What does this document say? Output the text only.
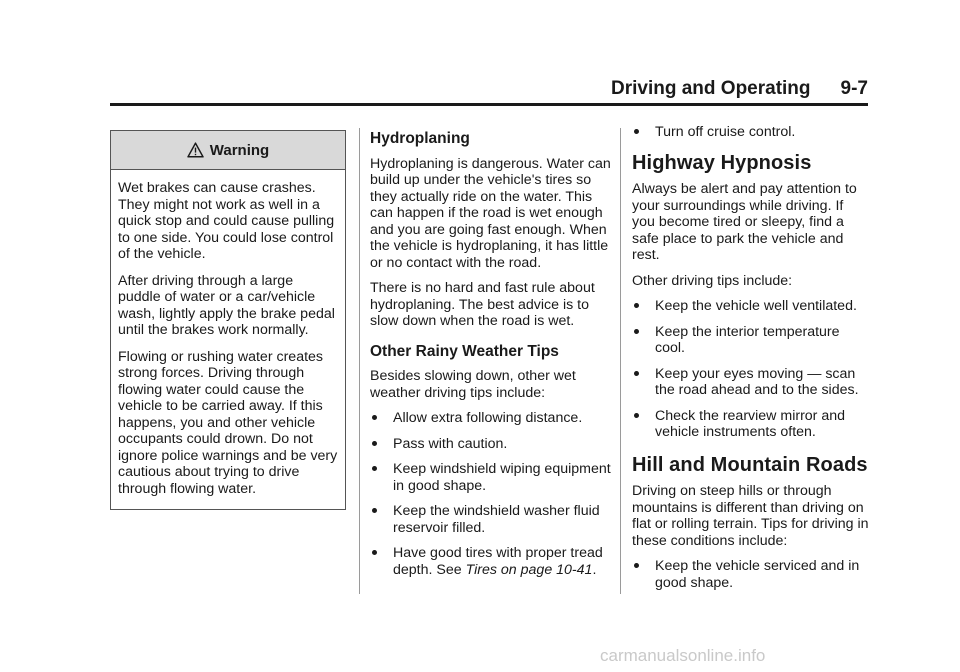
Driving and Operating 9-7
Warning

Wet brakes can cause crashes. They might not work as well in a quick stop and could cause pulling to one side. You could lose control of the vehicle.

After driving through a large puddle of water or a car/vehicle wash, lightly apply the brake pedal until the brakes work normally.

Flowing or rushing water creates strong forces. Driving through flowing water could cause the vehicle to be carried away. If this happens, you and other vehicle occupants could drown. Do not ignore police warnings and be very cautious about trying to drive through flowing water.

Hydroplaning

Hydroplaning is dangerous. Water can build up under the vehicle's tires so they actually ride on the water. This can happen if the road is wet enough and you are going fast enough. When the vehicle is hydroplaning, it has little or no contact with the road.

There is no hard and fast rule about hydroplaning. The best advice is to slow down when the road is wet.

Other Rainy Weather Tips

Besides slowing down, other wet weather driving tips include:

Allow extra following distance.
Pass with caution.
Keep windshield wiping equipment in good shape.
Keep the windshield washer fluid reservoir filled.
Have good tires with proper tread depth. See Tires on page 10-41.
Turn off cruise control.
Highway Hypnosis

Always be alert and pay attention to your surroundings while driving. If you become tired or sleepy, find a safe place to park the vehicle and rest.

Other driving tips include:

Keep the vehicle well ventilated.
Keep the interior temperature cool.
Keep your eyes moving — scan the road ahead and to the sides.
Check the rearview mirror and vehicle instruments often.
Hill and Mountain Roads

Driving on steep hills or through mountains is different than driving on flat or rolling terrain. Tips for driving in these conditions include:

Keep the vehicle serviced and in good shape.
carmanualsonline.info
